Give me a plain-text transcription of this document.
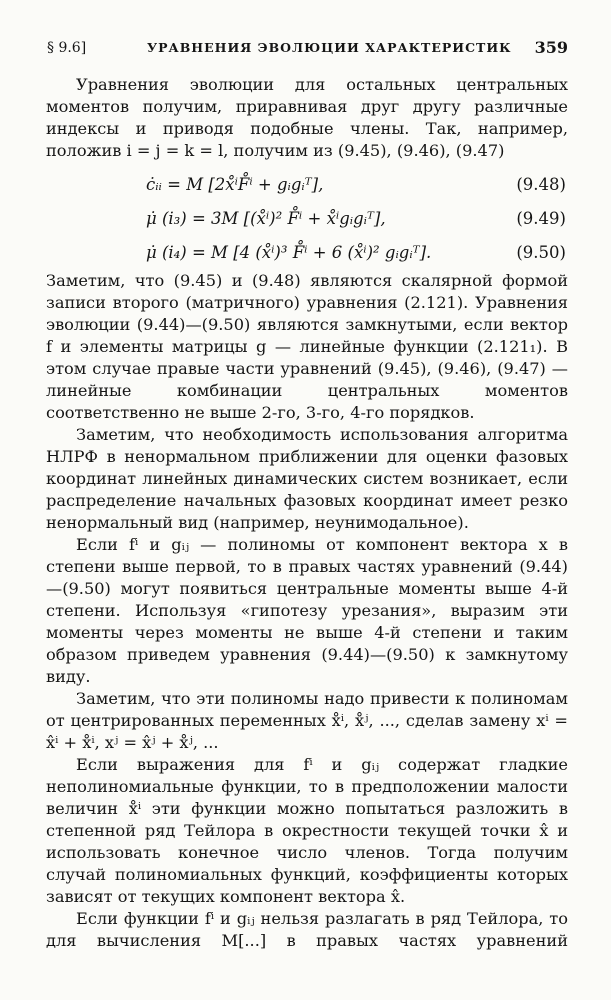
§ 9.6]	УРАВНЕНИЯ ЭВОЛЮЦИИ ХАРАКТЕРИСТИК 359

Уравнения эволюции для остальных центральных моментов получим, приравнивая друг другу различные индексы и приводя подобные члены. Так, например, положив i = j = k = l, получим из (9.45), (9.46), (9.47)

ċᵢᵢ = M [2x̊ⁱF̊ⁱ + gᵢgᵢᵀ],	(9.48)
μ̇ (i₃) = 3M [(x̊ⁱ)² F̊ⁱ + x̊ⁱgᵢgᵢᵀ],	(9.49)
μ̇ (i₄) = M [4 (x̊ⁱ)³ F̊ⁱ + 6 (x̊ⁱ)² gᵢgᵢᵀ].	(9.50)

Заметим, что (9.45) и (9.48) являются скалярной формой записи второго (матричного) уравнения (2.121). Уравнения эволюции (9.44)—(9.50) являются замкнутыми, если вектор f и элементы матрицы g — линейные функции (2.121₁). В этом случае правые части уравнений (9.45), (9.46), (9.47) — линейные комбинации центральных моментов соответственно не выше 2-го, 3-го, 4-го порядков.

Заметим, что необходимость использования алгоритма НЛРФ в ненормальном приближении для оценки фазовых координат линейных динамических систем возникает, если распределение начальных фазовых координат имеет резко ненормальный вид (например, неунимодальное).

Если fⁱ и gᵢⱼ — полиномы от компонент вектора x в степени выше первой, то в правых частях уравнений (9.44)—(9.50) могут появиться центральные моменты выше 4-й степени. Используя «гипотезу урезания», выразим эти моменты через моменты не выше 4-й степени и таким образом приведем уравнения (9.44)—(9.50) к замкнутому виду.

Заметим, что эти полиномы надо привести к полиномам от центрированных переменных x̊ⁱ, x̊ʲ, ..., сделав замену xⁱ = x̂ⁱ + x̊ⁱ, xʲ = x̂ʲ + x̊ʲ, ...

Если выражения для fⁱ и gᵢⱼ содержат гладкие неполиномиальные функции, то в предположении малости величин x̊ⁱ эти функции можно попытаться разложить в степенной ряд Тейлора в окрестности текущей точки x̂ и использовать конечное число членов. Тогда получим случай полиномиальных функций, коэффициенты которых зависят от текущих компонент вектора x̂.

Если функции fⁱ и gᵢⱼ нельзя разлагать в ряд Тейлора, то для вычисления M[...] в правых частях уравнений
